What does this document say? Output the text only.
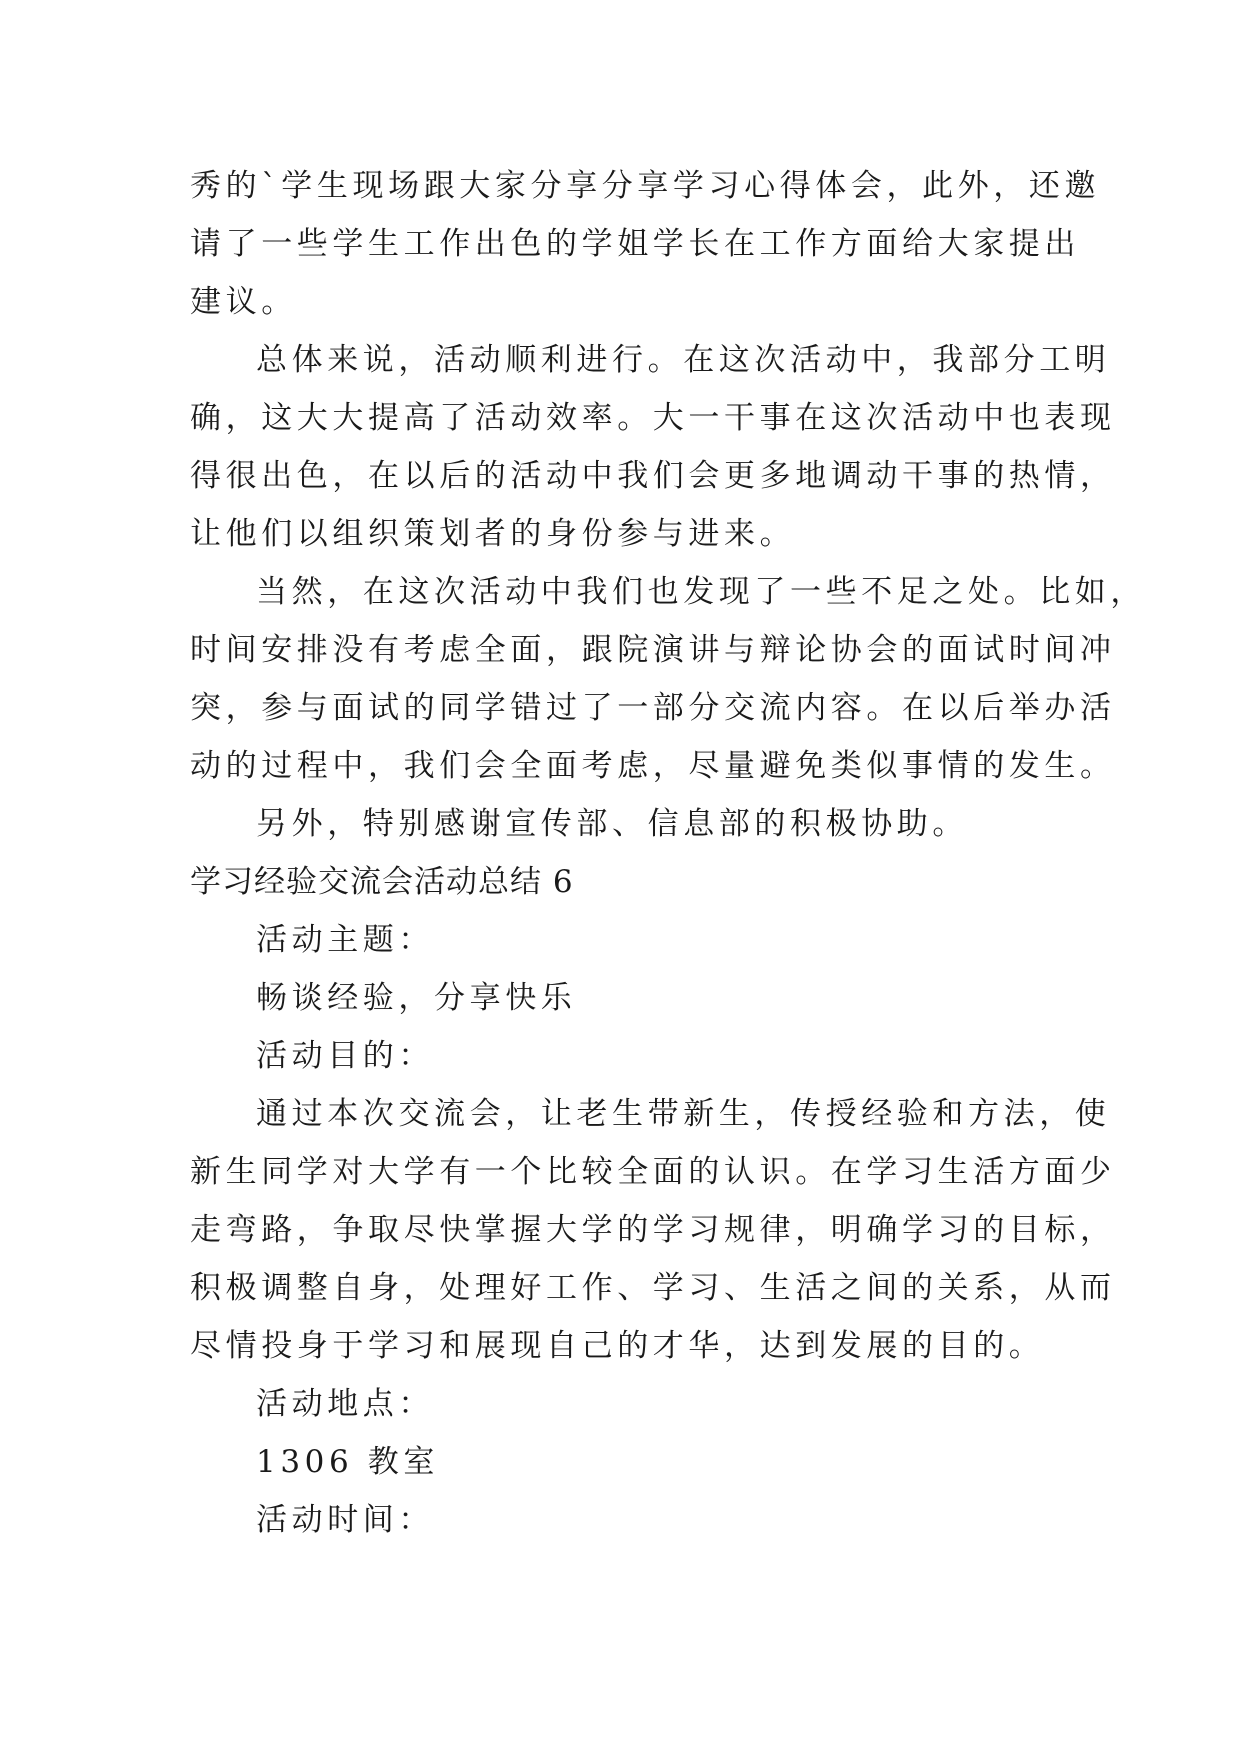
秀的`学生现场跟大家分享分享学习心得体会，此外，还邀
请了一些学生工作出色的学姐学长在工作方面给大家提出
建议。
总体来说，活动顺利进行。在这次活动中，我部分工明
确，这大大提高了活动效率。大一干事在这次活动中也表现
得很出色，在以后的活动中我们会更多地调动干事的热情，
让他们以组织策划者的身份参与进来。
当然，在这次活动中我们也发现了一些不足之处。比如，
时间安排没有考虑全面，跟院演讲与辩论协会的面试时间冲
突，参与面试的同学错过了一部分交流内容。在以后举办活
动的过程中，我们会全面考虑，尽量避免类似事情的发生。
另外，特别感谢宣传部、信息部的积极协助。
学习经验交流会活动总结 6
活动主题：
畅谈经验，分享快乐
活动目的：
通过本次交流会，让老生带新生，传授经验和方法，使
新生同学对大学有一个比较全面的认识。在学习生活方面少
走弯路，争取尽快掌握大学的学习规律，明确学习的目标，
积极调整自身，处理好工作、学习、生活之间的关系，从而
尽情投身于学习和展现自己的才华，达到发展的目的。
活动地点：
1306 教室
活动时间：
